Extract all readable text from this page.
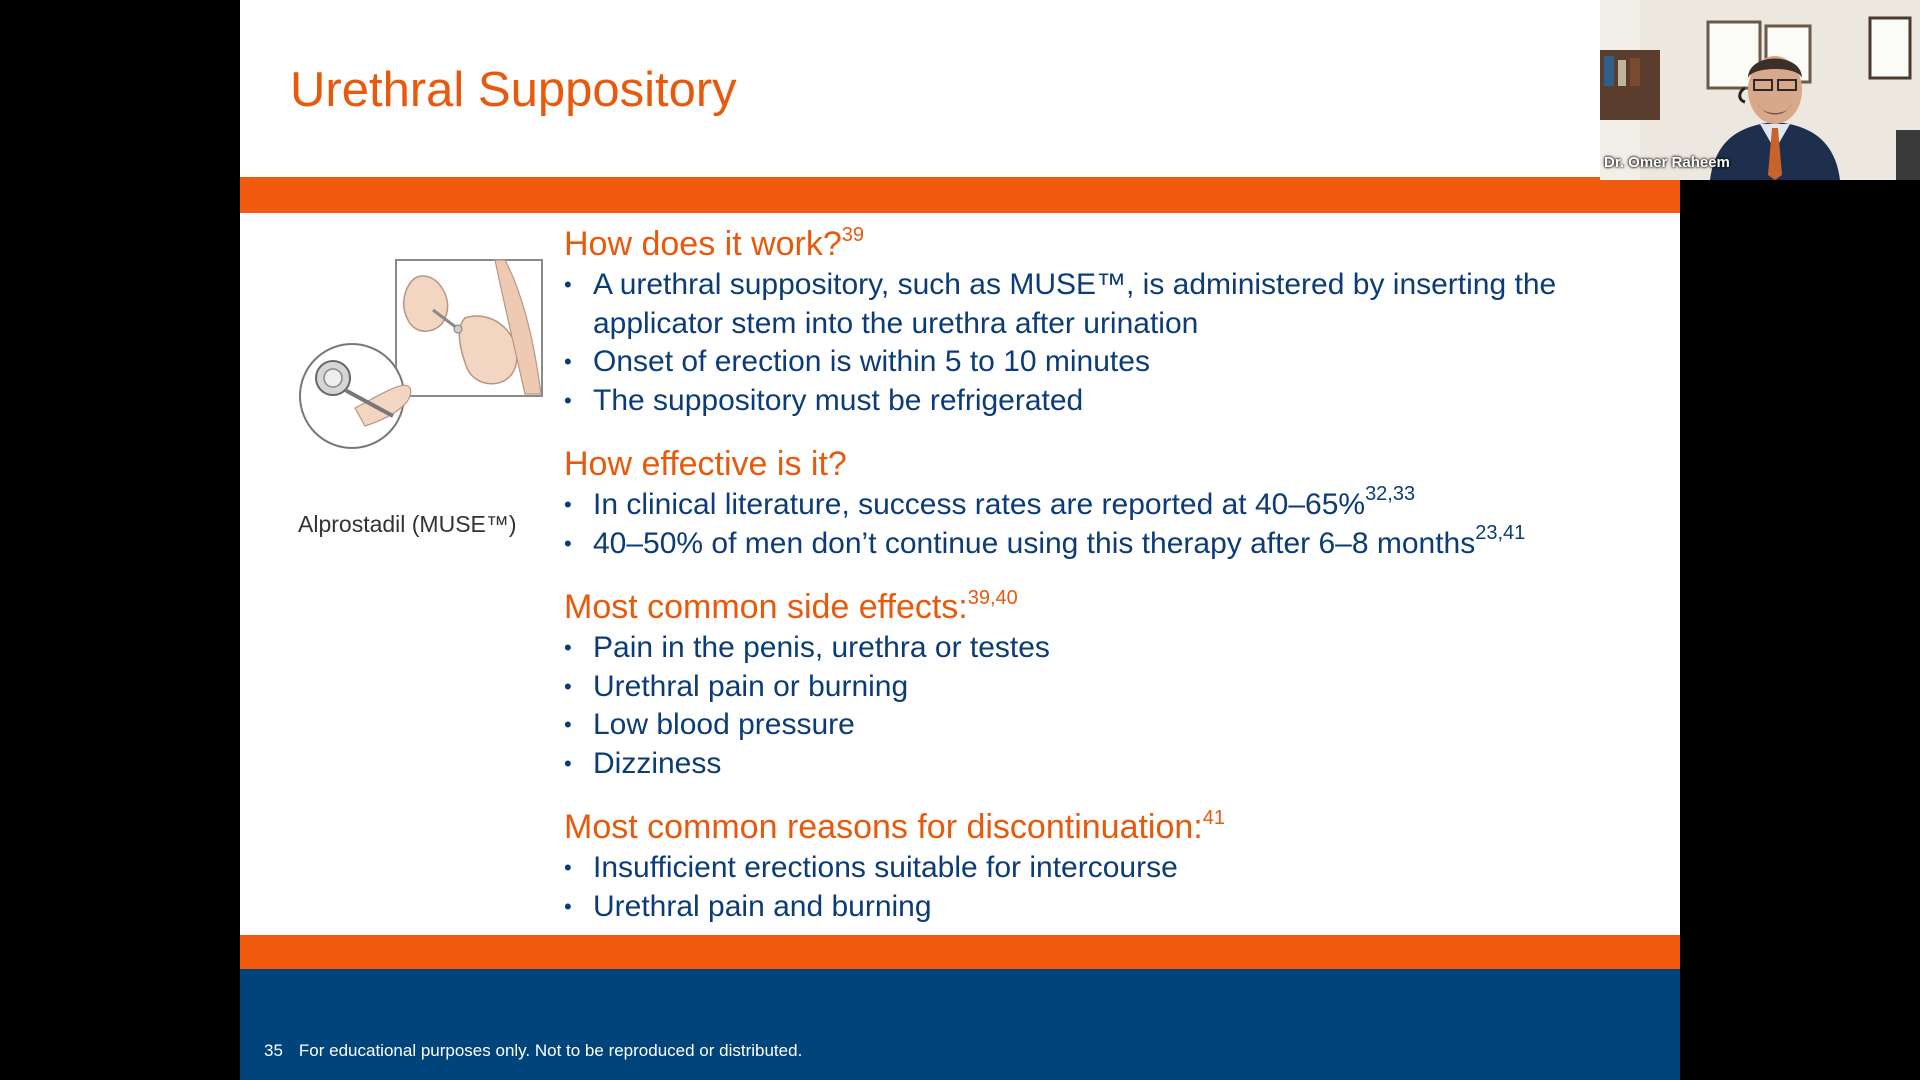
Urethral Suppository
Alprostadil (MUSE™)
How does it work?$^{39}$
• A urethral suppository, such as MUSE™, is administered by inserting the applicator stem into the urethra after urination
• Onset of erection is within 5 to 10 minutes
• The suppository must be refrigerated
How effective is it?
• In clinical literature, success rates are reported at 40–65%$^{32,33}$
• 40–50% of men don’t continue using this therapy after 6–8 months$^{23,41}$
Most common side effects:$^{39,40}$
• Pain in the penis, urethra or testes
• Urethral pain or burning
• Low blood pressure
• Dizziness
Most common reasons for discontinuation:$^{41}$
• Insufficient erections suitable for intercourse
• Urethral pain and burning
35 For educational purposes only. Not to be reproduced or distributed.
Dr. Omer Raheem
